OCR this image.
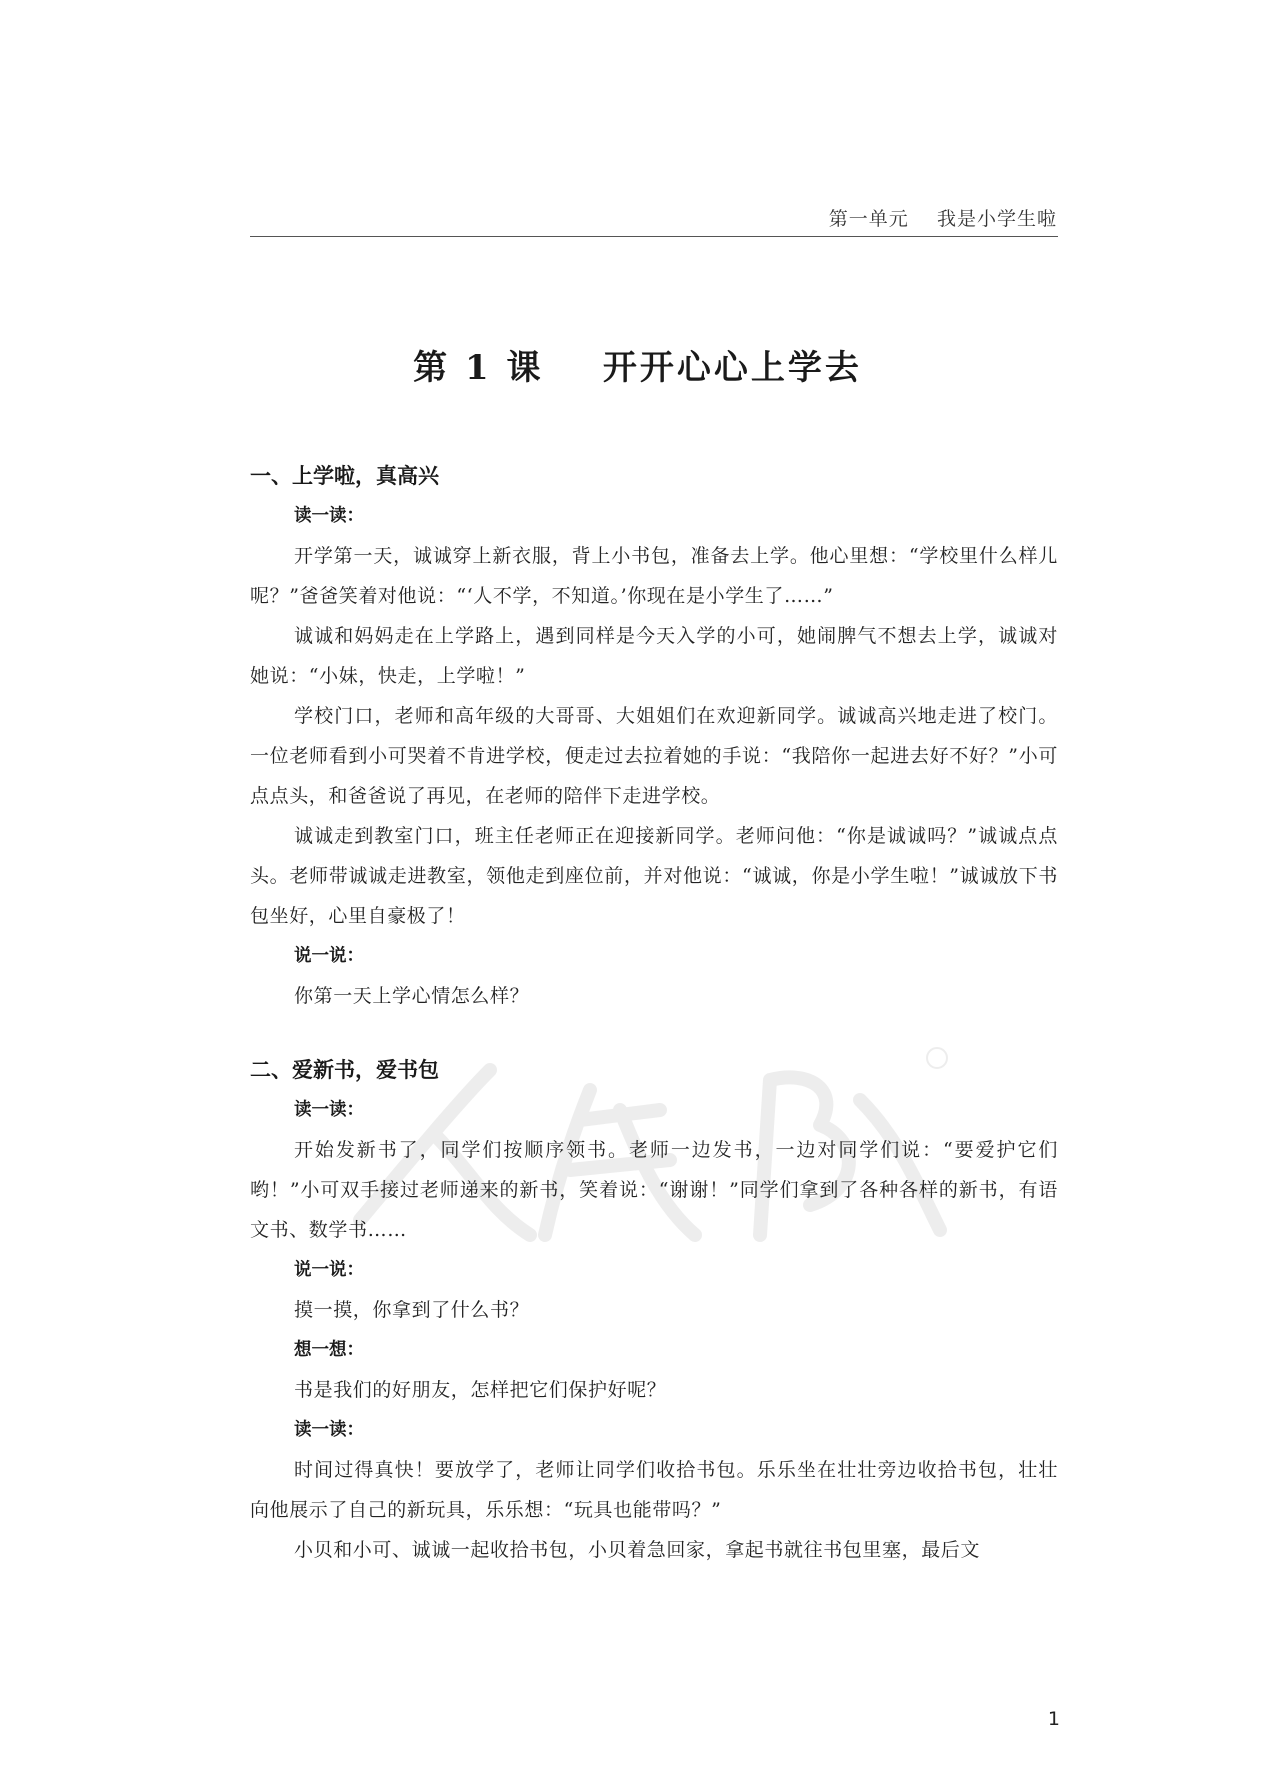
第一单元 我是小学生啦
第 1 课 开开心心上学去
一、上学啦，真高兴

读一读：

开学第一天，诚诚穿上新衣服，背上小书包，准备去上学。他心里想：“学校里什么样儿呢？”爸爸笑着对他说：“‘人不学，不知道。’你现在是小学生了……”

诚诚和妈妈走在上学路上，遇到同样是今天入学的小可，她闹脾气不想去上学，诚诚对她说：“小妹，快走，上学啦！”

学校门口，老师和高年级的大哥哥、大姐姐们在欢迎新同学。诚诚高兴地走进了校门。一位老师看到小可哭着不肯进学校，便走过去拉着她的手说：“我陪你一起进去好不好？”小可点点头，和爸爸说了再见，在老师的陪伴下走进学校。

诚诚走到教室门口，班主任老师正在迎接新同学。老师问他：“你是诚诚吗？”诚诚点点头。老师带诚诚走进教室，领他走到座位前，并对他说：“诚诚，你是小学生啦！”诚诚放下书包坐好，心里自豪极了！

说一说：

你第一天上学心情怎么样？

二、爱新书，爱书包

读一读：

开始发新书了，同学们按顺序领书。老师一边发书，一边对同学们说：“要爱护它们哟！”小可双手接过老师递来的新书，笑着说：“谢谢！”同学们拿到了各种各样的新书，有语文书、数学书……

说一说：

摸一摸，你拿到了什么书？

想一想：

书是我们的好朋友，怎样把它们保护好呢？

读一读：

时间过得真快！要放学了，老师让同学们收拾书包。乐乐坐在壮壮旁边收拾书包，壮壮向他展示了自己的新玩具，乐乐想：“玩具也能带吗？”

小贝和小可、诚诚一起收拾书包，小贝着急回家，拿起书就往书包里塞，最后文

1
